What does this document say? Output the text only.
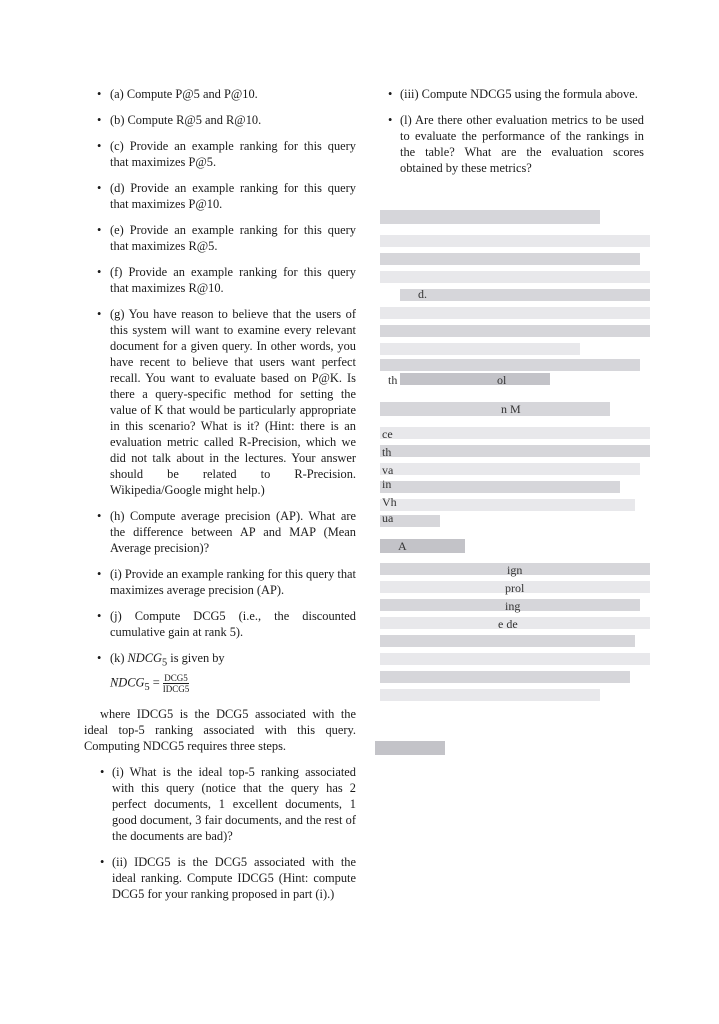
• (a) Compute P@5 and P@10.
• (b) Compute R@5 and R@10.
• (c) Provide an example ranking for this query that maximizes P@5.
• (d) Provide an example ranking for this query that maximizes P@10.
• (e) Provide an example ranking for this query that maximizes R@5.
• (f) Provide an example ranking for this query that maximizes R@10.
• (g) You have reason to believe that the users of this system will want to examine every relevant document for a given query. In other words, you have recent to believe that users want perfect recall. You want to evaluate based on P@K. Is there a query-specific method for setting the value of K that would be particularly appropriate in this scenario? What is it? (Hint: there is an evaluation metric called R-Precision, which we did not talk about in the lectures. Your answer should be related to R-Precision. Wikipedia/Google might help.)
• (h) Compute average precision (AP). What are the difference between AP and MAP (Mean Average precision)?
• (i) Provide an example ranking for this query that maximizes average precision (AP).
• (j) Compute DCG5 (i.e., the discounted cumulative gain at rank 5).
• (k) $NDCG_5$ is given by
$NDCG_5 = \frac{\text{DCG5}}{\text{IDCG5}}$

where IDCG5 is the DCG5 associated with the ideal top-5 ranking associated with this query. Computing NDCG5 requires three steps.

• (i) What is the ideal top-5 ranking associated with this query (notice that the query has 2 perfect documents, 1 excellent documents, 1 good document, 3 fair documents, and the rest of the documents are bad)?
• (ii) IDCG5 is the DCG5 associated with the ideal ranking. Compute IDCG5 (Hint: compute DCG5 for your ranking proposed in part (i).)
• (iii) Compute NDCG5 using the formula above.
• (l) Are there other evaluation metrics to be used to evaluate the performance of the rankings in the table? What are the evaluation scores obtained by these metrics?
d.
th	ol
ce
th
va
in
Vh
ua
A
ign
prol
ing
e de
n M
